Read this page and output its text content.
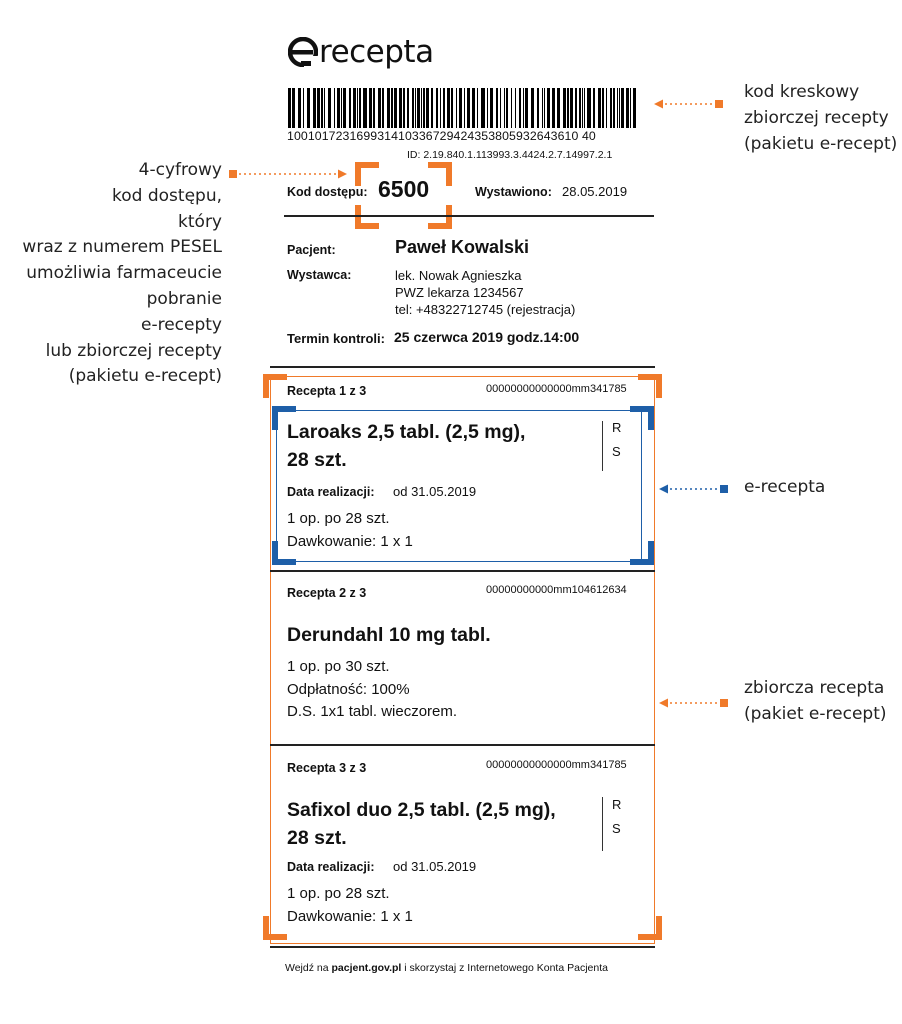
recepta
100101723169931410336729424353805932643610 40
ID: 2.19.840.1.113993.3.4424.2.7.14997.2.1
Kod dostępu: 6500	Wystawiono: 28.05.2019
Pacjent:	Paweł Kowalski
Wystawca:	lek. Nowak Agnieszka
PWZ lekarza 1234567
tel: +48322712745 (rejestracja)
Termin kontroli: 25 czerwca 2019 godz.14:00
Recepta 1 z 3	00000000000000mm341785
Laroaks 2,5 tabl. (2,5 mg),
28 szt.
R
S
Data realizacji: od 31.05.2019
1 op. po 28 szt.
Dawkowanie: 1 x 1
Recepta 2 z 3	00000000000mm104612634
Derundahl 10 mg tabl.
1 op. po 30 szt.
Odpłatność: 100%
D.S. 1x1 tabl. wieczorem.
Recepta 3 z 3	00000000000000mm341785
Safixol duo 2,5 tabl. (2,5 mg),
28 szt.
R
S
Data realizacji: od 31.05.2019
1 op. po 28 szt.
Dawkowanie: 1 x 1
Wejdź na pacjent.gov.pl i skorzystaj z Internetowego Konta Pacjenta
kod kreskowy
zbiorczej recepty
(pakietu e-recept)
4-cyfrowy
kod dostępu,
który
wraz z numerem PESEL
umożliwia farmaceucie
pobranie
e-recepty
lub zbiorczej recepty
(pakietu e-recept)
e-recepta
zbiorcza recepta
(pakiet e-recept)
